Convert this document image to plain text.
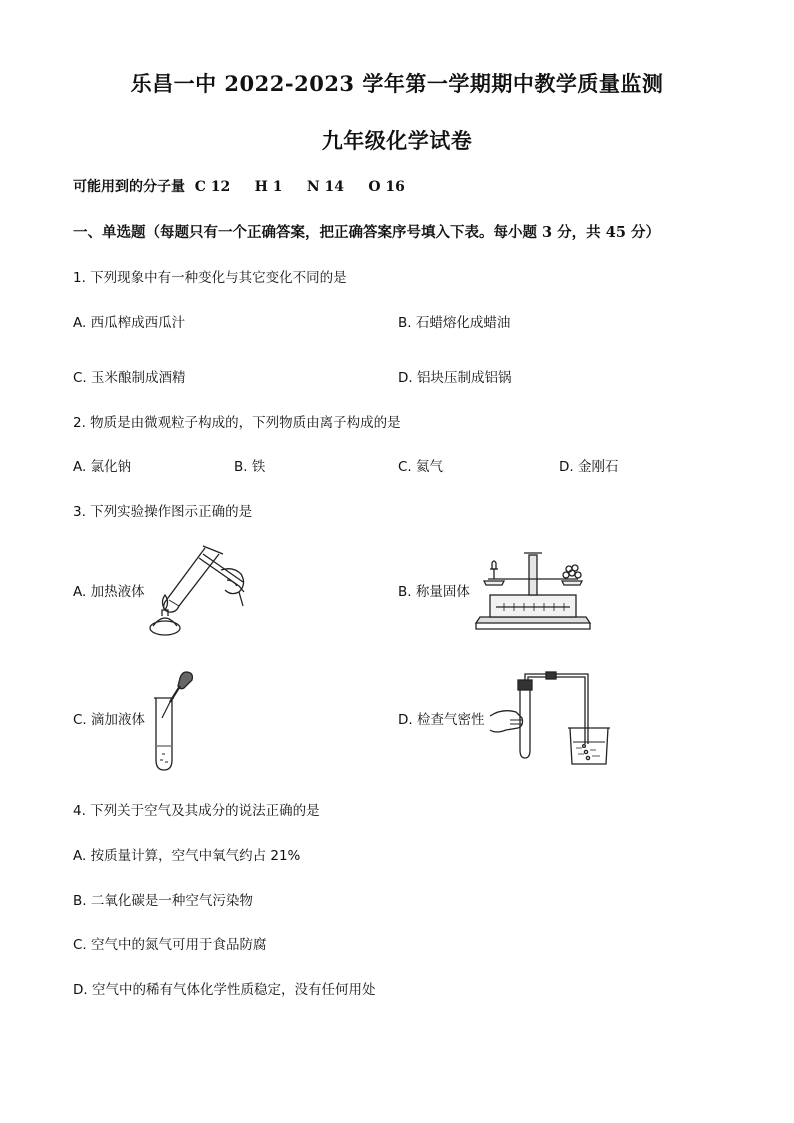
乐昌一中 2022-2023 学年第一学期期中教学质量监测
九年级化学试卷
可能用到的分子量  C 12     H 1     N 14     O 16
一、单选题（每题只有一个正确答案，把正确答案序号填入下表。每小题 3 分，共 45 分）
1. 下列现象中有一种变化与其它变化不同的是
A. 西瓜榨成西瓜汁	B. 石蜡熔化成蜡油
C. 玉米酿制成酒精	D. 铝块压制成铝锅
2. 物质是由微观粒子构成的，下列物质由离子构成的是
A. 氯化钠	B. 铁	C. 氦气	D. 金刚石
3. 下列实验操作图示正确的是
A. 加热液体	B. 称量固体
C. 滴加液体	D. 检查气密性
4. 下列关于空气及其成分的说法正确的是
A. 按质量计算，空气中氧气约占 21%
B. 二氧化碳是一种空气污染物
C. 空气中的氮气可用于食品防腐
D. 空气中的稀有气体化学性质稳定，没有任何用处
